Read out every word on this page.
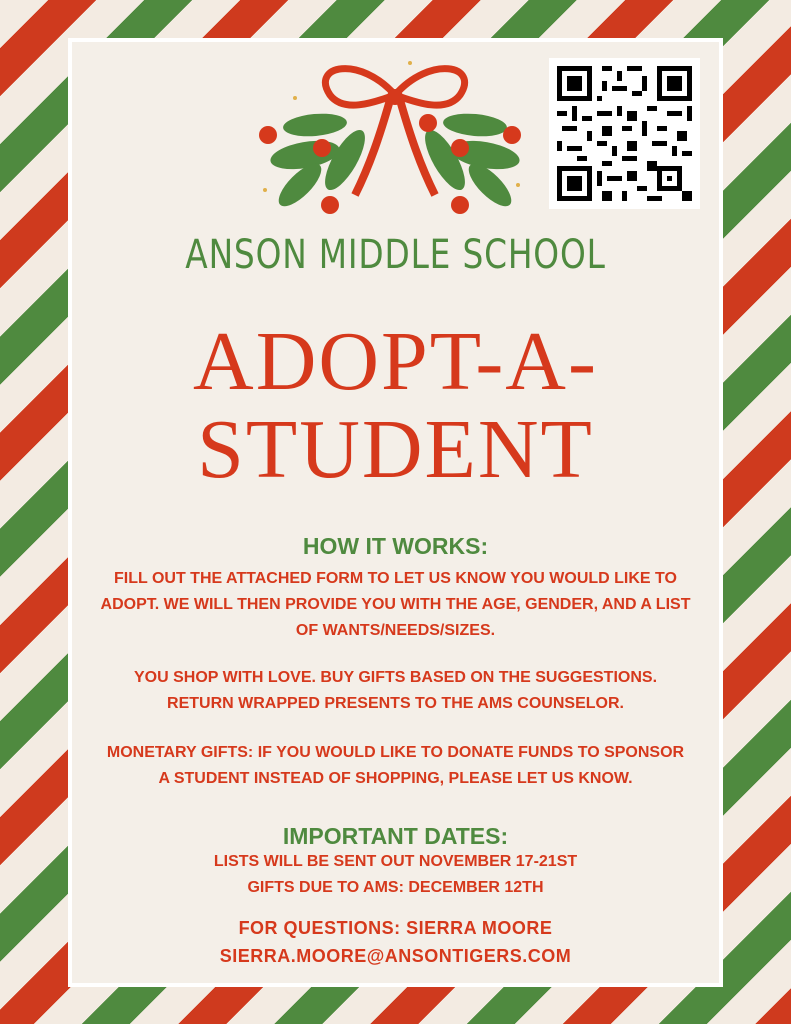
ANSON MIDDLE SCHOOL
ADOPT-A-
STUDENT
HOW IT WORKS:
FILL OUT THE ATTACHED FORM TO LET US KNOW YOU WOULD LIKE TO ADOPT. WE WILL THEN PROVIDE YOU WITH THE AGE, GENDER, AND A LIST OF WANTS/NEEDS/SIZES.
YOU SHOP WITH LOVE. BUY GIFTS BASED ON THE SUGGESTIONS. RETURN WRAPPED PRESENTS TO THE AMS COUNSELOR.
MONETARY GIFTS: IF YOU WOULD LIKE TO DONATE FUNDS TO SPONSOR A STUDENT INSTEAD OF SHOPPING, PLEASE LET US KNOW.
IMPORTANT DATES:
LISTS WILL BE SENT OUT NOVEMBER 17-21ST
GIFTS DUE TO AMS: DECEMBER 12TH
FOR QUESTIONS: SIERRA MOORE
SIERRA.MOORE@ANSONTIGERS.COM
